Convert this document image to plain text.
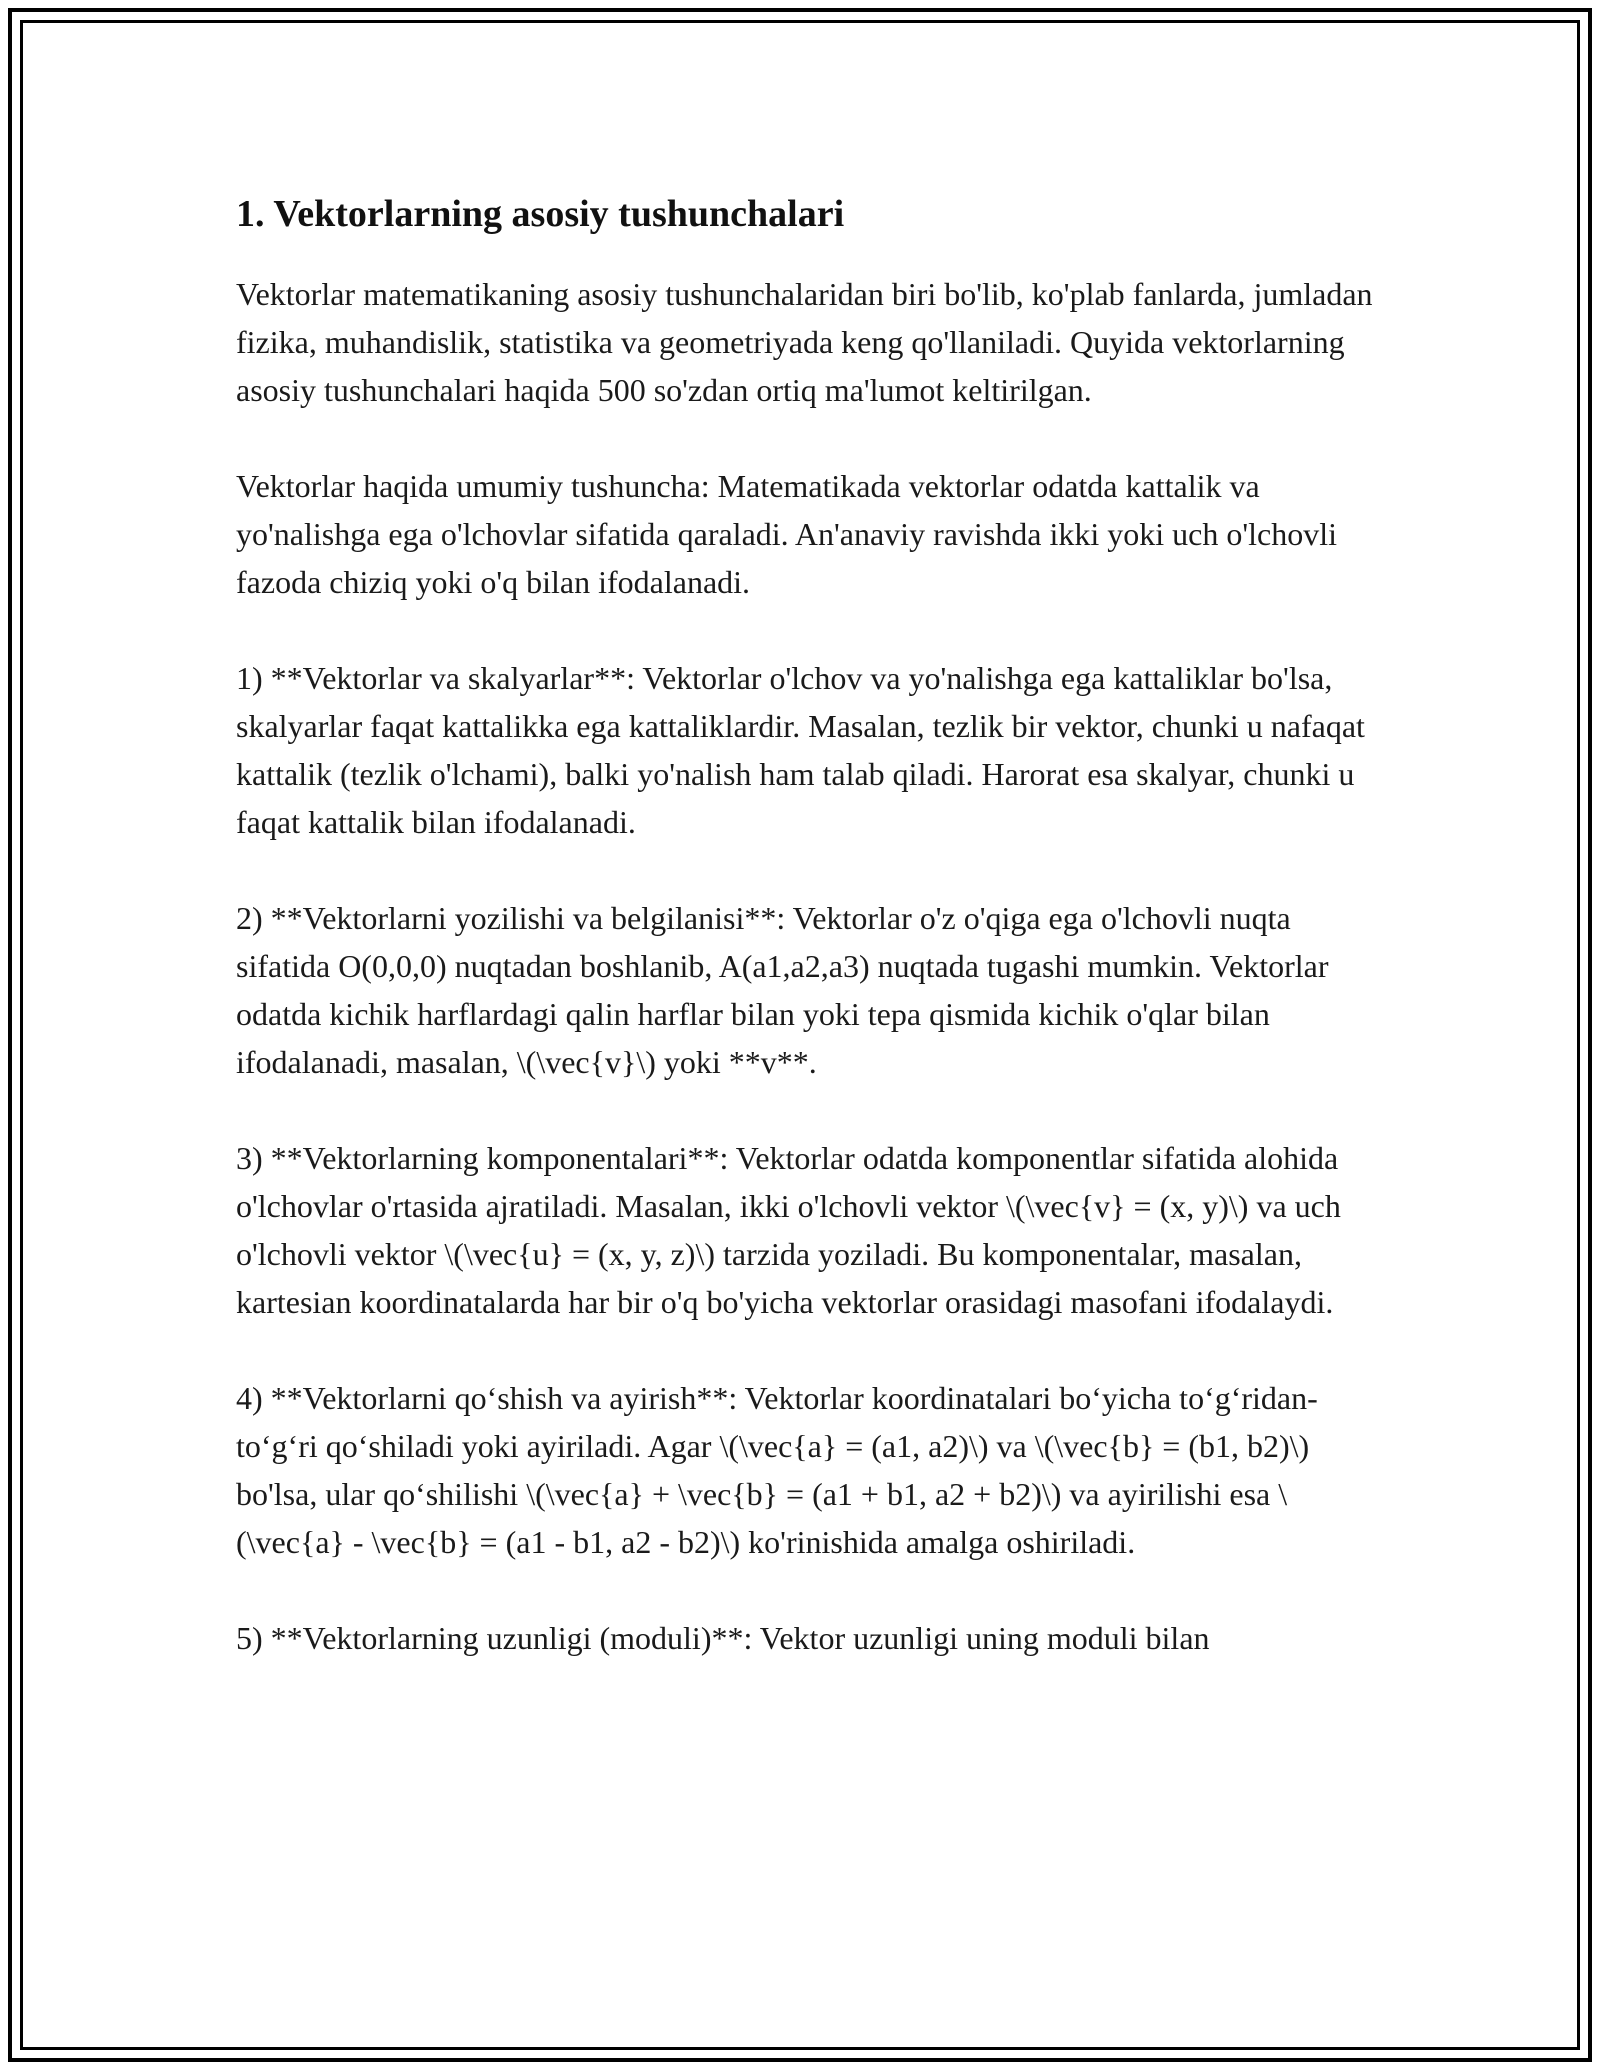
1. Vektorlarning asosiy tushunchalari

Vektorlar matematikaning asosiy tushunchalaridan biri bo'lib, ko'plab fanlarda, jumladan fizika, muhandislik, statistika va geometriyada keng qo'llaniladi. Quyida vektorlarning asosiy tushunchalari haqida 500 so'zdan ortiq ma'lumot keltirilgan.

Vektorlar haqida umumiy tushuncha: Matematikada vektorlar odatda kattalik va yo'nalishga ega o'lchovlar sifatida qaraladi. An'anaviy ravishda ikki yoki uch o'lchovli fazoda chiziq yoki o'q bilan ifodalanadi.

1) **Vektorlar va skalyarlar**: Vektorlar o'lchov va yo'nalishga ega kattaliklar bo'lsa, skalyarlar faqat kattalikka ega kattaliklardir. Masalan, tezlik bir vektor, chunki u nafaqat kattalik (tezlik o'lchami), balki yo'nalish ham talab qiladi. Harorat esa skalyar, chunki u faqat kattalik bilan ifodalanadi.

2) **Vektorlarni yozilishi va belgilanisi**: Vektorlar o'z o'qiga ega o'lchovli nuqta sifatida O(0,0,0) nuqtadan boshlanib, A(a1,a2,a3) nuqtada tugashi mumkin. Vektorlar odatda kichik harflardagi qalin harflar bilan yoki tepa qismida kichik o'qlar bilan ifodalanadi, masalan, \(\vec{v}\) yoki **v**.

3) **Vektorlarning komponentalari**: Vektorlar odatda komponentlar sifatida alohida o'lchovlar o'rtasida ajratiladi. Masalan, ikki o'lchovli vektor \(\vec{v} = (x, y)\) va uch o'lchovli vektor \(\vec{u} = (x, y, z)\) tarzida yoziladi. Bu komponentalar, masalan, kartesian koordinatalarda har bir o'q bo'yicha vektorlar orasidagi masofani ifodalaydi.

4) **Vektorlarni qo‘shish va ayirish**: Vektorlar koordinatalari bo‘yicha to‘g‘ridan-to‘g‘ri qo‘shiladi yoki ayiriladi. Agar \(\vec{a} = (a1, a2)\) va \(\vec{b} = (b1, b2)\) bo'lsa, ular qo‘shilishi \(\vec{a} + \vec{b} = (a1 + b1, a2 + b2)\) va ayirilishi esa \(\vec{a} - \vec{b} = (a1 - b1, a2 - b2)\) ko'rinishida amalga oshiriladi.

5) **Vektorlarning uzunligi (moduli)**: Vektor uzunligi uning moduli bilan
